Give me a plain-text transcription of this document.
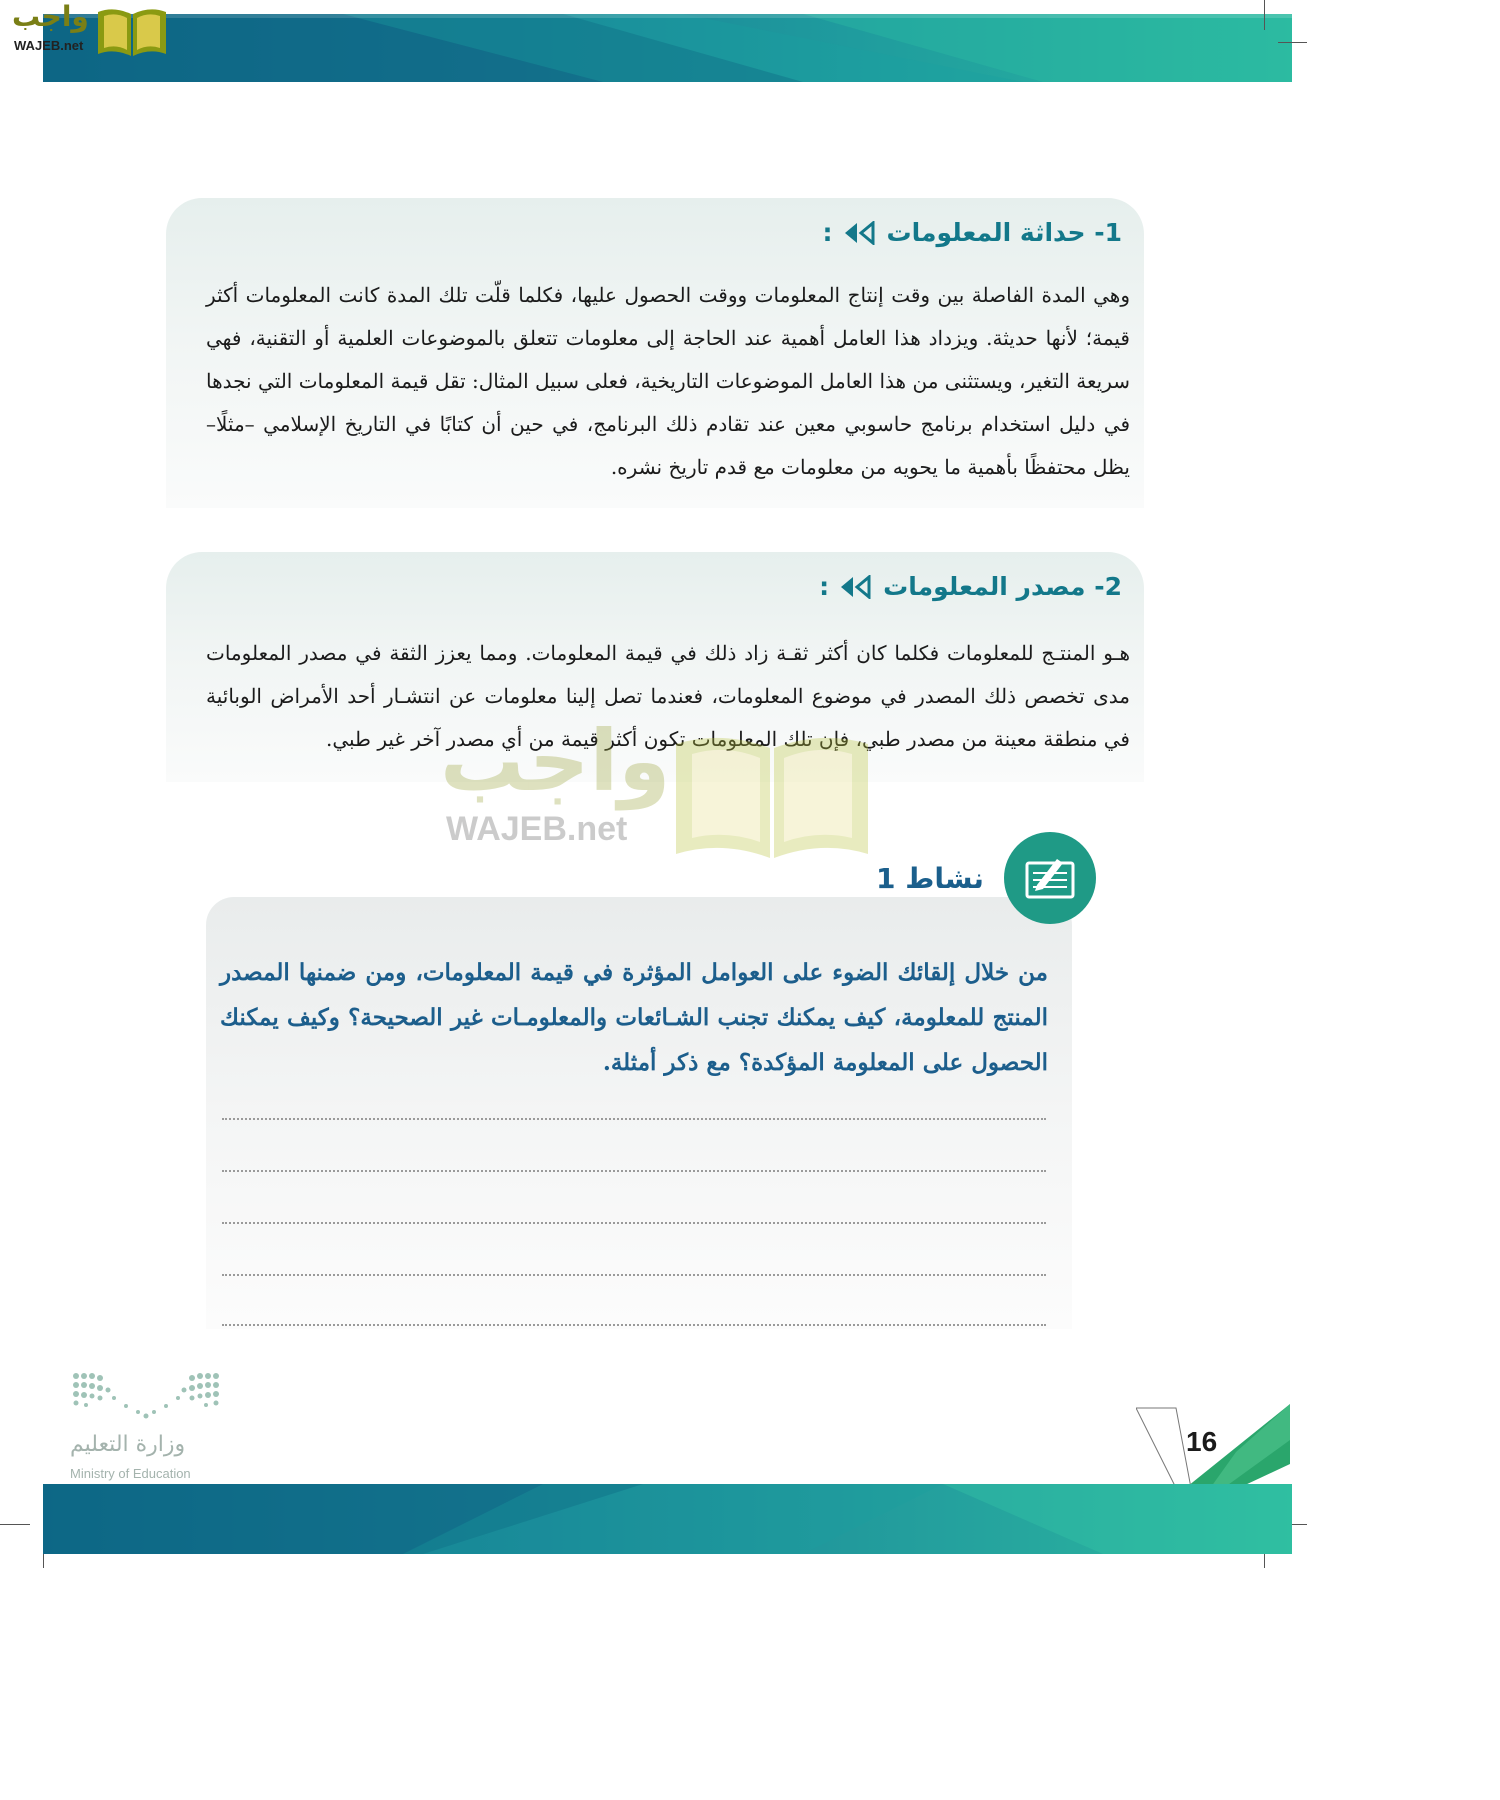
واجب
WAJEB.net
1- حداثة المعلومات
:
وهي المدة الفاصلة بين وقت إنتاج المعلومات ووقت الحصول عليها، فكلما قلّت تلك المدة كانت المعلومات أكثر قيمة؛ لأنها حديثة. ويزداد هذا العامل أهمية عند الحاجة إلى معلومات تتعلق بالموضوعات العلمية أو التقنية، فهي سريعة التغير، ويستثنى من هذا العامل الموضوعات التاريخية، فعلى سبيل المثال: تقل قيمة المعلومات التي نجدها في دليل استخدام برنامج حاسوبي معين عند تقادم ذلك البرنامج، في حين أن كتابًا في التاريخ الإسلامي –مثلًا– يظل محتفظًا بأهمية ما يحويه من معلومات مع قدم تاريخ نشره.
2- مصدر المعلومات
:
هـو المنتـج للمعلومات فكلما كان أكثر ثقـة زاد ذلك في قيمة المعلومات. ومما يعزز الثقة في مصدر المعلومات مدى تخصص ذلك المصدر في موضوع المعلومات، فعندما تصل إلينا معلومات عن انتشـار أحد الأمراض الوبائية في منطقة معينة من مصدر طبي، فإن تلك المعلومات تكون أكثر قيمة من أي مصدر آخر غير طبي.
واجب
WAJEB.net
نشاط 1
من خلال إلقائك الضوء على العوامل المؤثرة في قيمة المعلومات، ومن ضمنها المصدر المنتج للمعلومة، كيف يمكنك تجنب الشـائعات والمعلومـات غير الصحيحة؟ وكيف يمكنك الحصول على المعلومة المؤكدة؟ مع ذكر أمثلة.
وزارة التعليم
Ministry of Education
16
